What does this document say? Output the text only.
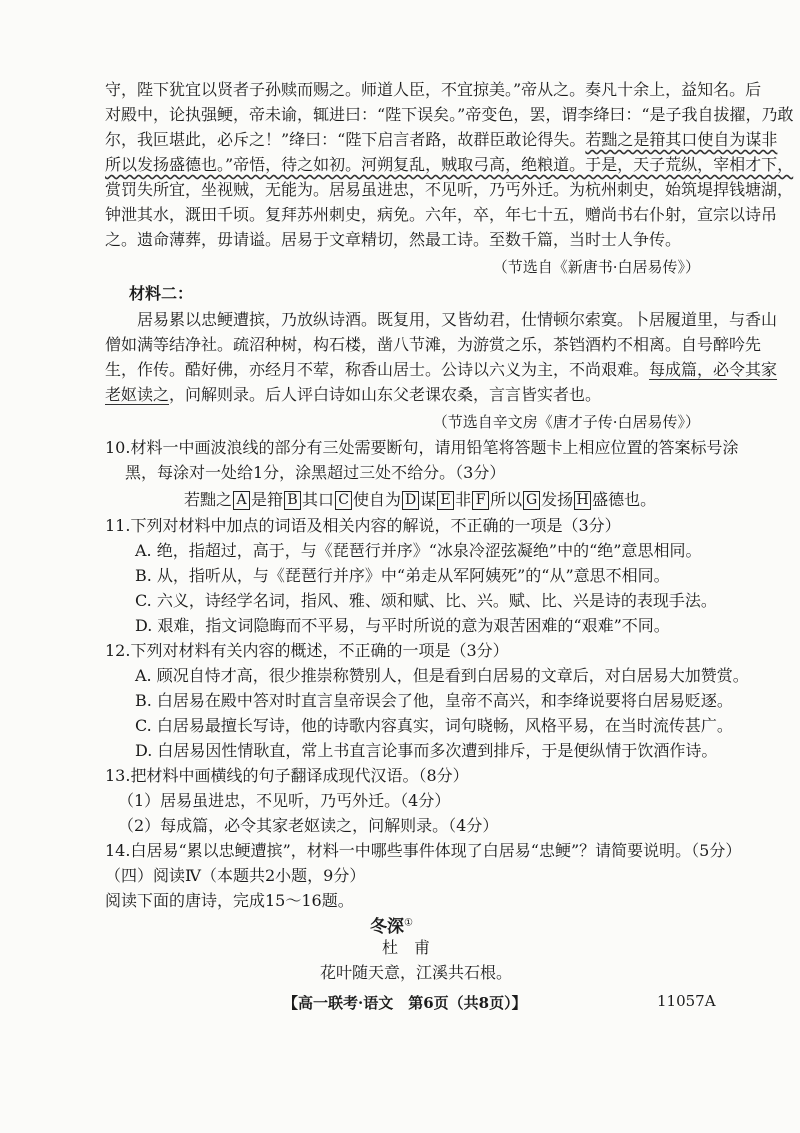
守，陛下犹宜以贤者子孙赎而赐之。师道人臣，不宜掠美。”帝从之。奏凡十余上，益知名。后
对殿中，论执强鲠，帝未谕，辄进曰：“陛下误矣。”帝变色，罢，谓李绛曰：“是子我自拔擢，乃敢
尔，我叵堪此，必斥之！”绛曰：“陛下启言者路，故群臣敢论得失。若黜之是箝其口使自为谋非
所以发扬盛德也。”帝悟，待之如初。河朔复乱，贼取弓高，绝粮道。于是，天子荒纵，宰相才下，
赏罚失所宜，坐视贼，无能为。居易虽进忠，不见听，乃丐外迁。为杭州刺史，始筑堤捍钱塘湖，
钟泄其水，溉田千顷。复拜苏州刺史，病免。六年，卒，年七十五，赠尚书右仆射，宣宗以诗吊
之。遗命薄葬，毋请谥。居易于文章精切，然最工诗。至数千篇，当时士人争传。
（节选自《新唐书·白居易传》）
材料二：
居易累以忠鲠遭摈，乃放纵诗酒。既复用，又皆幼君，仕情顿尔索寞。卜居履道里，与香山
僧如满等结净社。疏沼种树，构石楼，凿八节滩，为游赏之乐，茶铛酒杓不相离。自号醉吟先
生，作传。酷好佛，亦经月不荤，称香山居士。公诗以六义为主，不尚艰难。每成篇，必令其家
老妪读之，问解则录。后人评白诗如山东父老课农桑，言言皆实者也。
（节选自辛文房《唐才子传·白居易传》）
10.材料一中画波浪线的部分有三处需要断句，请用铅笔将答题卡上相应位置的答案标号涂
黑，每涂对一处给1分，涂黑超过三处不给分。（3分）
若黜之 A 是箝 B 其口 C 使自为 D 谋 E 非 F 所以 G 发扬 H 盛德也。
11.下列对材料中加点的词语及相关内容的解说，不正确的一项是（3分）
A. 绝，指超过，高于，与《琵琶行并序》“冰泉冷涩弦凝绝”中的“绝”意思相同。
B. 从，指听从，与《琵琶行并序》中“弟走从军阿姨死”的“从”意思不相同。
C. 六义，诗经学名词，指风、雅、颂和赋、比、兴。赋、比、兴是诗的表现手法。
D. 艰难，指文词隐晦而不平易，与平时所说的意为艰苦困难的“艰难”不同。
12.下列对材料有关内容的概述，不正确的一项是（3分）
A. 顾况自恃才高，很少推崇称赞别人，但是看到白居易的文章后，对白居易大加赞赏。
B. 白居易在殿中答对时直言皇帝误会了他，皇帝不高兴，和李绛说要将白居易贬逐。
C. 白居易最擅长写诗，他的诗歌内容真实，词句晓畅，风格平易，在当时流传甚广。
D. 白居易因性情耿直，常上书直言论事而多次遭到排斥，于是便纵情于饮酒作诗。
13.把材料中画横线的句子翻译成现代汉语。（8分）
（1）居易虽进忠，不见听，乃丐外迁。（4分）
（2）每成篇，必令其家老妪读之，问解则录。（4分）
14.白居易“累以忠鲠遭摈”，材料一中哪些事件体现了白居易“忠鲠”？请简要说明。（5分）
（四）阅读Ⅳ（本题共2小题，9分）
阅读下面的唐诗，完成15～16题。
冬深①
杜　甫
花叶随天意，江溪共石根。
【高一联考·语文　第6页（共8页）】	11057A
